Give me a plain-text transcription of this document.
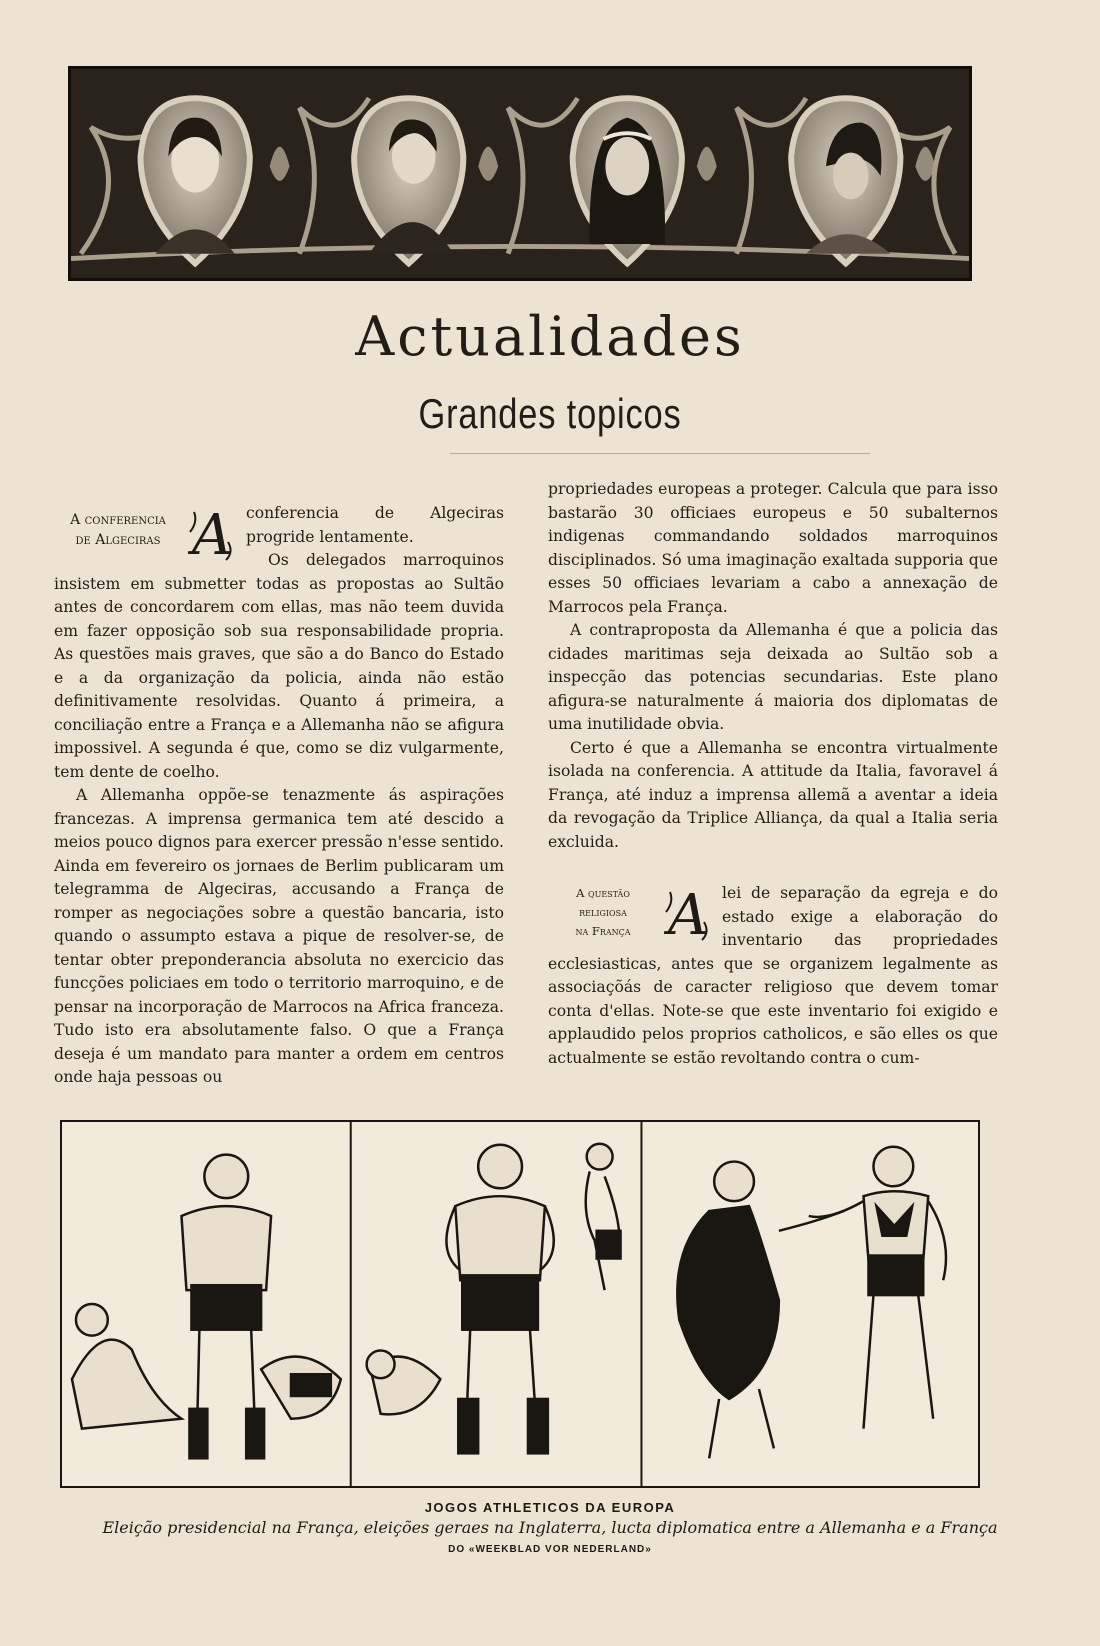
Actualidades
Grandes topicos
A conferencia
de Algeciras A conferencia de Algeciras progride lentamente.

Os delegados marroquinos insistem em submetter todas as propostas ao Sultão antes de concordarem com ellas, mas não teem duvida em fazer opposição sob sua responsabilidade propria. As questões mais graves, que são a do Banco do Estado e a da organização da policia, ainda não estão definitivamente resolvidas. Quanto á primeira, a conciliação entre a França e a Allemanha não se afigura impossivel. A segunda é que, como se diz vulgarmente, tem dente de coelho.

A Allemanha oppõe-se tenazmente ás aspirações francezas. A imprensa germanica tem até descido a meios pouco dignos para exercer pressão n'esse sentido. Ainda em fevereiro os jornaes de Berlim publicaram um telegramma de Algeciras, accusando a França de romper as negociações sobre a questão bancaria, isto quando o assumpto estava a pique de resolver-se, de tentar obter preponderancia absoluta no exercicio das funcções policiaes em todo o territorio marroquino, e de pensar na incorporação de Marrocos na Africa franceza. Tudo isto era absolutamente falso. O que a França deseja é um mandato para manter a ordem em centros onde haja pessoas ou

propriedades europeas a proteger. Calcula que para isso bastarão 30 officiaes europeus e 50 subalternos indigenas commandando soldados marroquinos disciplinados. Só uma imaginação exaltada supporia que esses 50 officiaes levariam a cabo a annexação de Marrocos pela França.

A contraproposta da Allemanha é que a policia das cidades maritimas seja deixada ao Sultão sob a inspecção das potencias secundarias. Este plano afigura-se naturalmente á maioria dos diplomatas de uma inutilidade obvia.

Certo é que a Allemanha se encontra virtualmente isolada na conferencia. A attitude da Italia, favoravel á França, até induz a imprensa allemã a aventar a ideia da revogação da Triplice Alliança, da qual a Italia seria excluida.

A questão
religiosa
na França A lei de separação da egreja e do estado exige a elaboração do inventario das propriedades ecclesiasticas, antes que se organizem legalmente as associaçõás de caracter religioso que devem tomar conta d'ellas. Note-se que este inventario foi exigido e applaudido pelos proprios catholicos, e são elles os que actualmente se estão revoltando contra o cum-

JOGOS ATHLETICOS DA EUROPA
Eleição presidencial na França, eleições geraes na Inglaterra, lucta diplomatica entre a Allemanha e a França
DO «WEEKBLAD VOR NEDERLAND»
